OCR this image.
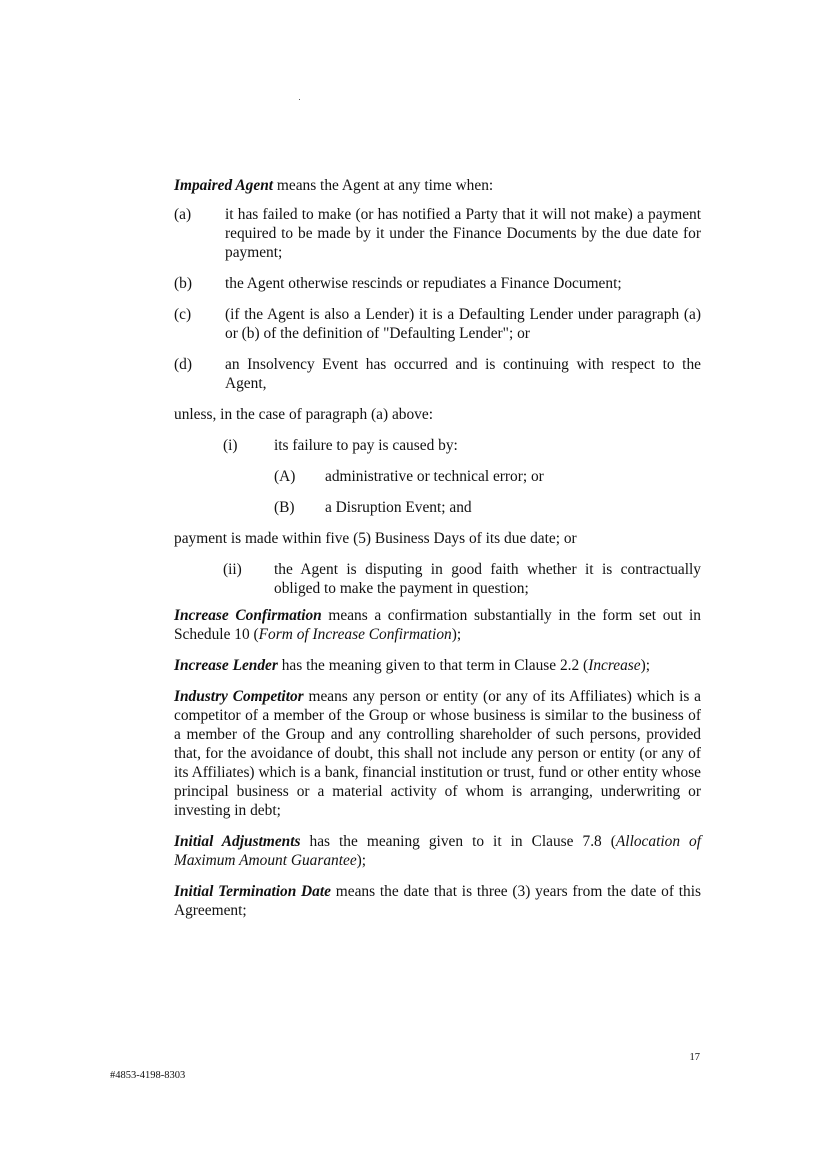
Impaired Agent means the Agent at any time when:

(a)	it has failed to make (or has notified a Party that it will not make) a payment required to be made by it under the Finance Documents by the due date for payment;
(b)	the Agent otherwise rescinds or repudiates a Finance Document;
(c)	(if the Agent is also a Lender) it is a Defaulting Lender under paragraph (a) or (b) of the definition of "Defaulting Lender"; or
(d)	an Insolvency Event has occurred and is continuing with respect to the Agent,

unless, in the case of paragraph (a) above:

(i)	its failure to pay is caused by:
(A)	administrative or technical error; or
(B)	a Disruption Event; and

payment is made within five (5) Business Days of its due date; or

(ii)	the Agent is disputing in good faith whether it is contractually obliged to make the payment in question;

Increase Confirmation means a confirmation substantially in the form set out in Schedule 10 (Form of Increase Confirmation);

Increase Lender has the meaning given to that term in Clause 2.2 (Increase);

Industry Competitor means any person or entity (or any of its Affiliates) which is a competitor of a member of the Group or whose business is similar to the business of a member of the Group and any controlling shareholder of such persons, provided that, for the avoidance of doubt, this shall not include any person or entity (or any of its Affiliates) which is a bank, financial institution or trust, fund or other entity whose principal business or a material activity of whom is arranging, underwriting or investing in debt;

Initial Adjustments has the meaning given to it in Clause 7.8 (Allocation of Maximum Amount Guarantee);

Initial Termination Date means the date that is three (3) years from the date of this Agreement;

17
#4853-4198-8303
